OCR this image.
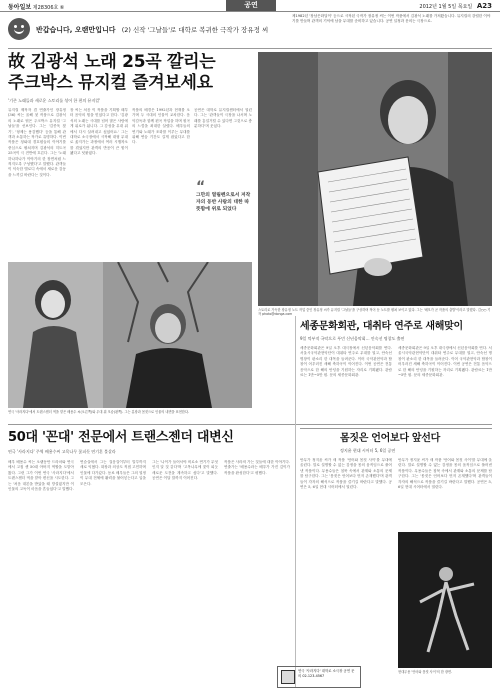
동아일보 제28306호 ⑥	공연	2012년 1월 5일 목요일 A23
반갑습니다, 오랜만입니다 (2) 신작 '그날들'로 대학로 복귀한 극작가 장유정 씨
제1982년 '장남은화달이' 등으로 시작된 극작가 장유정 씨는 이번 작품에서 김광석 노래를 가져왔습니다. 뮤지컬의 강렬한 이야기를 만들며 관객의 기억에 남을 무대를 준비하고 있습니다. 공연 일정과 문의는 극장으로.
故 김광석 노래 25곡 깔리는
주크박스 뮤지컬 즐겨보세요
'기존 노래들과 새로운 스토리를 섞어 한 편의 뮤지컬'
뮤지컬 제작자 겸 연출가인 장유정(36) 씨는 올해 첫 작품으로 김광석의 노래로 엮은 주크박스 뮤지컬 '그날들'을 선보인다. 그는 '김종욱 찾기', '형제는 용감했다' 등을 통해 관객과 소통하는 작가로 유명하다. 이번 작품은 청와대 경호원들의 이야기를 중심으로 펼쳐지며 김광석의 히트곡 25곡이 극 전반에 흐른다. 그는 '노래 하나하나가 이야기의 한 장면처럼 느껴지도록 구성했다'고 말했다. 관객들이 익숙한 멜로디 속에서 새로운 감동을 느끼길 바란다는 것이다.
장 씨는 처음 이 작품을 기획할 때부터 음악의 힘을 믿었다고 한다. '김광석의 노래는 시대를 넘어 많은 사람에게 위로가 됩니다. 그 감성을 무대 위에서 다시 살려내고 싶었어요.' 그는 대학로 소극장에서 시작해 대형 무대로 옮겨가는 과정에서 여러 시행착오를 겪었지만 관객의 반응이 큰 힘이 됐다고 덧붙였다.
작품의 배경은 1992년과 현재를 오가며 두 시대의 인물이 교차한다. 음악감독과 함께 편곡 작업을 하며 원곡의 느낌을 최대한 살렸다. 배우들의 연기와 노래가 조화를 이루는 무대를 위해 연습 기간도 길게 잡았다고 한다.
공연은 대학로 뮤지컬센터에서 열린다. 그는 '관객들이 극장을 나서며 노래를 흥얼거릴 수 있다면 그것으로 충분하다'며 웃었다.
“
그만의 열림펜으로서 저작자의 동반 사람의 대한 따뜻함에 위로 되었다
스토리로 가득한 장유정 노트 작업 중인 장유정 씨가 뮤지컬 '그날들'을 구상하며 적어 둔 노트를 펼쳐 보이고 있다. 그는 '메모가 곧 작품의 출발'이라고 말했다. 김○○ 기자 photo@donga.com
연극 '사라지다'에서 트랜스젠더 역을 맡은 배용수 씨(오른쪽)와 무대 위 모습(왼쪽). 그는 분장과 몸짓으로 인물의 내면을 표현한다.
세종문화회관, 대취타 연주로 새해맞이
9일 억부적 국악으로 푸민 신년음악회… 안숙선 명창도 출연
세종문화회관은 9일 오후 대극장에서 신년음악회를 연다. 서울시국악관현악단이 대취타 연주로 무대를 열고, 안숙선 명창이 판소리 한 대목을 들려준다. 이어 국악관현악과 합창이 어우러진 새해 축하곡이 이어진다. 이번 공연은 전통 음악으로 한 해의 안녕을 기원하는 자리로 기획됐다. 관람료는 1만~5만 원. 문의 세종문화회관.
세종문화회관은 9일 오후 대극장에서 신년음악회를 연다. 서울시국악관현악단이 대취타 연주로 무대를 열고, 안숙선 명창이 판소리 한 대목을 들려준다. 이어 국악관현악과 합창이 어우러진 새해 축하곡이 이어진다. 이번 공연은 전통 음악으로 한 해의 안녕을 기원하는 자리로 기획됐다. 관람료는 1만~5만 원. 문의 세종문화회관.
몸짓은 언어보다 앞선다
정지윤 현대 시어터 5, 6일 공연
안무가 정지윤 씨가 새 작품 '언어와 몸짓 사이'를 무대에 올린다. 말로 설명할 수 없는 감정을 몸의 움직임으로 풀어낸 작품이다. 무용수들은 침묵 속에서 관계와 소통의 문제를 탐구한다. 그는 '몸짓은 언어보다 먼저 존재했다'며 관객들이 각자의 해석으로 작품을 즐기길 바란다고 말했다. 공연은 5, 6일 현대 시어터에서 열린다.
안무가 정지윤 씨가 새 작품 '언어와 몸짓 사이'를 무대에 올린다. 말로 설명할 수 없는 감정을 몸의 움직임으로 풀어낸 작품이다. 무용수들은 침묵 속에서 관계와 소통의 문제를 탐구한다. 그는 '몸짓은 언어보다 먼저 존재했다'며 관객들이 각자의 해석으로 작품을 즐기길 바란다고 말했다. 공연은 5, 6일 현대 시어터에서 열린다.
현대무용 '언어와 몸짓 사이'의 한 장면.
50대 '꼰대' 전문에서 트랜스젠더 대변신
연극 '사라지다' 주역 배용수씨 고목나무 꽃피듯 연기혼 불살라
배우 배용수 씨는 오랫동안 드라마와 연극에서 고집 센 50대 아버지 역할을 도맡아 왔다. 그런 그가 이번 연극 '사라지다'에서 트랜스젠더 역을 맡아 변신을 시도한다. 그는 '처음 대본을 받았을 때 망설였지만 이 인물의 고독이 마음을 흔들었다'고 말했다.
연습실에서 그는 걸음걸이부터 말투까지 새로 익혔다. 화장과 의상도 직접 고민하며 인물에 다가갔다. 동료 배우들은 그의 열정이 무대 전체에 활력을 불어넣는다고 입을 모은다.
그는 '나이가 들어서야 비로소 연기가 무엇인지 알 것 같다'며 '고목나무에 꽃이 피듯 새로운 도전을 계속하고 싶다'고 말했다. 공연은 이달 말까지 이어진다.
작품은 사라져 가는 것들에 대한 이야기다. 연출가는 '배용수라는 배우가 가진 깊이가 작품을 완성한다'고 평했다.
연극 '사라지다' 대학로 소극장 공연 문의 02-123-4567
